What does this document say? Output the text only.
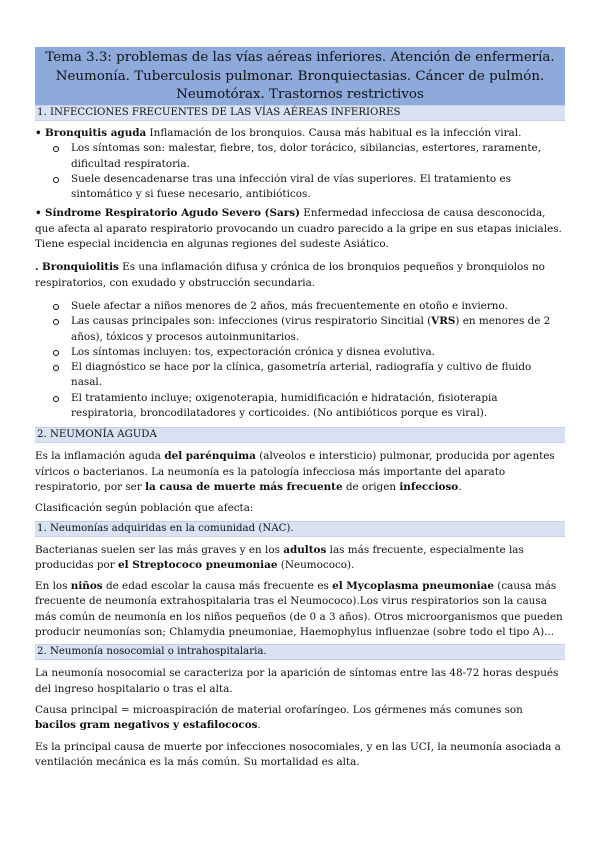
Tema 3.3: problemas de las vías aéreas inferiores. Atención de enfermería. Neumonía. Tuberculosis pulmonar. Bronquiectasias. Cáncer de pulmón. Neumotórax. Trastornos restrictivos
1. INFECCIONES FRECUENTES DE LAS VÍAS AÉREAS INFERIORES

• Bronquitis aguda Inflamación de los bronquios. Causa más habitual es la infección viral.

Los síntomas son: malestar, fiebre, tos, dolor torácico, sibilancias, estertores, raramente, dificultad respiratoria.
Suele desencadenarse tras una infección viral de vías superiores. El tratamiento es sintomático y si fuese necesario, antibióticos.

• Síndrome Respiratorio Agudo Severo (Sars) Enfermedad infecciosa de causa desconocida, que afecta al aparato respiratorio provocando un cuadro parecido a la gripe en sus etapas iniciales. Tiene especial incidencia en algunas regiones del sudeste Asiático.

. Bronquiolitis Es una inflamación difusa y crónica de los bronquios pequeños y bronquiolos no respiratorios, con exudado y obstrucción secundaria.

Suele afectar a niños menores de 2 años, más frecuentemente en otoño e invierno.
Las causas principales son: infecciones (virus respiratorio Sincitial (VRS) en menores de 2 años), tóxicos y procesos autoinmunitarios.
Los síntomas incluyen: tos, expectoración crónica y disnea evolutiva.
El diagnóstico se hace por la clínica, gasometría arterial, radiografía y cultivo de fluido nasal.
El tratamiento incluye; oxigenoterapia, humidificación e hidratación, fisioterapia respiratoria, broncodilatadores y corticoides. (No antibióticos porque es viral).
2. NEUMONÍA AGUDA

Es la inflamación aguda del parénquima (alveolos e intersticio) pulmonar, producida por agentes víricos o bacterianos. La neumonía es la patología infecciosa más importante del aparato respiratorio, por ser la causa de muerte más frecuente de origen infeccioso.

Clasificación según población que afecta:

1. Neumonías adquiridas en la comunidad (NAC).

Bacterianas suelen ser las más graves y en los adultos las más frecuente, especialmente las producidas por el Streptococo pneumoniae (Neumococo).

En los niños de edad escolar la causa más frecuente es el Mycoplasma pneumoniae (causa más frecuente de neumonía extrahospitalaria tras el Neumococo).Los virus respiratorios son la causa más común de neumonía en los niños pequeños (de 0 a 3 años). Otros microorganismos que pueden producir neumonías son; Chlamydia pneumoniae, Haemophylus influenzae (sobre todo el tipo A)...

2. Neumonía nosocomial o intrahospitalaria.

La neumonía nosocomial se caracteriza por la aparición de síntomas entre las 48-72 horas después del ingreso hospitalario o tras el alta.

Causa principal = microaspiración de material orofaríngeo. Los gérmenes más comunes son bacilos gram negativos y estafilococos.

Es la principal causa de muerte por infecciones nosocomiales, y en las UCI, la neumonía asociada a ventilación mecánica es la más común. Su mortalidad es alta.
